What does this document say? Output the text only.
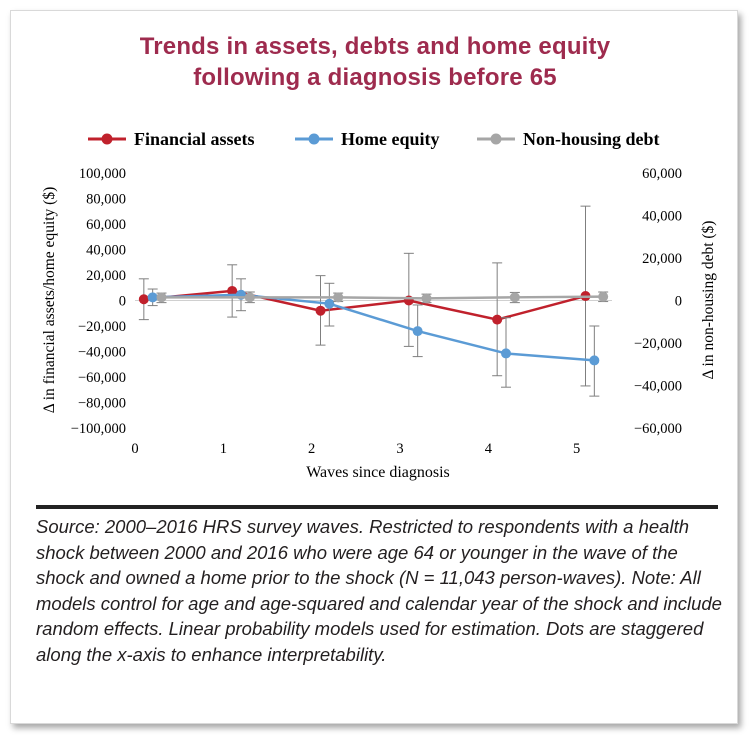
Trends in assets, debts and home equity
following a diagnosis before 65
Financial assets	Home equity	Non-housing debt
100,000
80,000
60,000
40,000
20,000
0
−20,000
−40,000
−60,000
−80,000
−100,000
60,000
40,000
20,000
0
−20,000
−40,000
−60,000
0	1	2	3	4	5
Waves since diagnosis
Δ in financial assets/home equity ($)	Δ in non-housing debt ($)
Source: 2000–2016 HRS survey waves. Restricted to respondents with a health shock between 2000 and 2016 who were age 64 or younger in the wave of the shock and owned a home prior to the shock (N = 11,043 person-waves). Note: All models control for age and age-squared and calendar year of the shock and include random effects. Linear probability models used for estimation. Dots are staggered along the x-axis to enhance interpretability.
